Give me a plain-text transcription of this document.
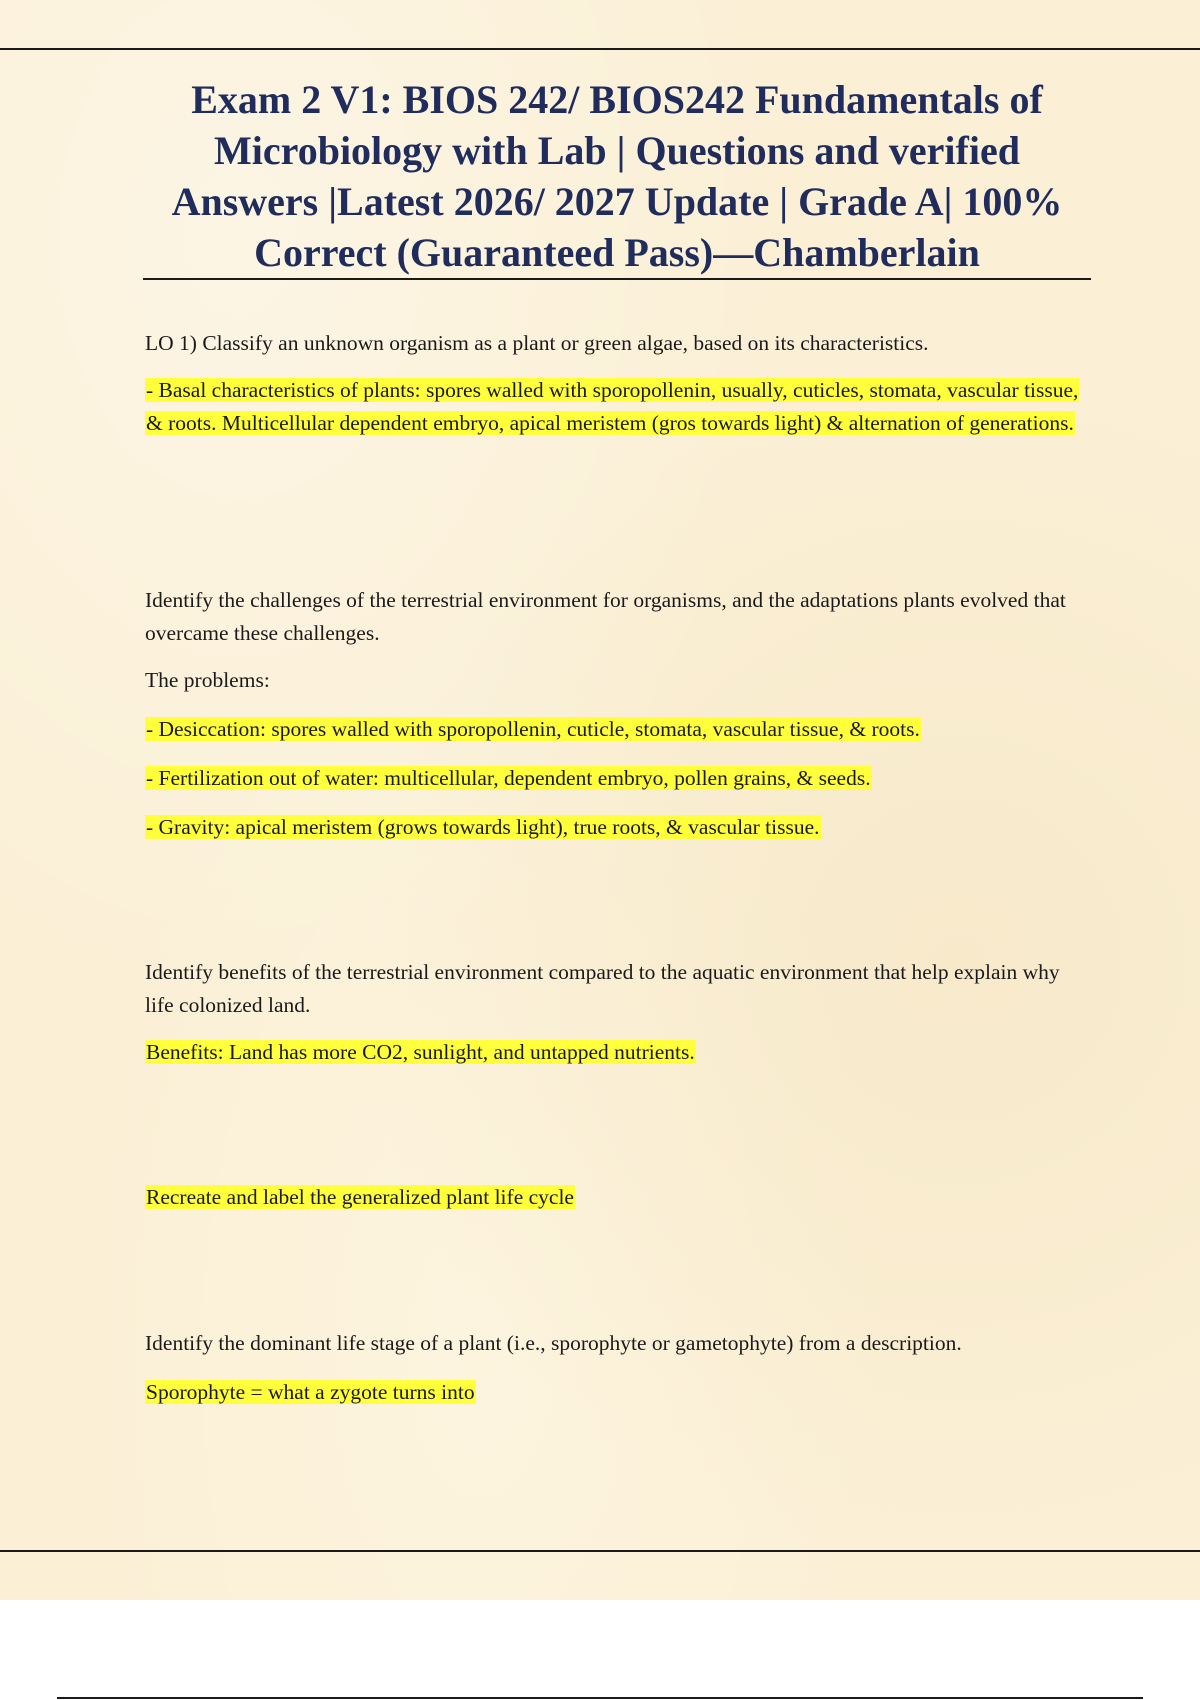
Exam 2 V1: BIOS 242/ BIOS242 Fundamentals of Microbiology with Lab | Questions and verified Answers |Latest 2026/ 2027 Update | Grade A| 100% Correct (Guaranteed Pass)—Chamberlain

LO 1) Classify an unknown organism as a plant or green algae, based on its characteristics.

- Basal characteristics of plants: spores walled with sporopollenin, usually, cuticles, stomata, vascular tissue, & roots. Multicellular dependent embryo, apical meristem (gros towards light) & alternation of generations.

Identify the challenges of the terrestrial environment for organisms, and the adaptations plants evolved that overcame these challenges.

The problems:

- Desiccation: spores walled with sporopollenin, cuticle, stomata, vascular tissue, & roots.

- Fertilization out of water: multicellular, dependent embryo, pollen grains, & seeds.

- Gravity: apical meristem (grows towards light), true roots, & vascular tissue.

Identify benefits of the terrestrial environment compared to the aquatic environment that help explain why life colonized land.

Benefits: Land has more CO2, sunlight, and untapped nutrients.

Recreate and label the generalized plant life cycle

Identify the dominant life stage of a plant (i.e., sporophyte or gametophyte) from a description.

Sporophyte = what a zygote turns into
